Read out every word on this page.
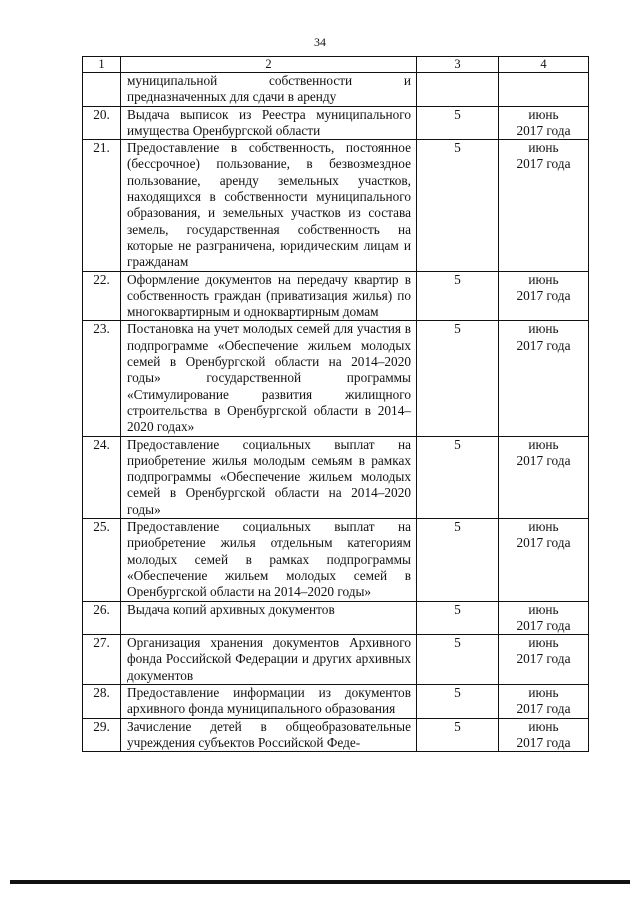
34
1	2	3	4
	муниципальной собственности и предназначенных для сдачи в аренду		
20.	Выдача выписок из Реестра муниципального имущества Оренбургской области	5	июнь
2017 года

21.	Предоставление в собственность, постоянное (бессрочное) пользование, в безвозмездное пользование, аренду земельных участков, находящихся в собственности муниципального образования, и земельных участков из состава земель, государственная собственность на которые не разграничена, юридическим лицам и гражданам	5	июнь
2017 года

22.	Оформление документов на передачу квартир в собственность граждан (приватизация жилья) по многоквартирным и одноквартирным домам	5	июнь
2017 года

23.	Постановка на учет молодых семей для участия в подпрограмме «Обеспечение жильем молодых семей в Оренбургской области на 2014–2020 годы» государственной программы «Стимулирование развития жилищного строительства в Оренбургской области в 2014–2020 годах»	5	июнь
2017 года

24.	Предоставление социальных выплат на приобретение жилья молодым семьям в рамках подпрограммы «Обеспечение жильем молодых семей в Оренбургской области на 2014–2020 годы»	5	июнь
2017 года

25.	Предоставление социальных выплат на приобретение жилья отдельным категориям молодых семей в рамках подпрограммы «Обеспечение жильем молодых семей в Оренбургской области на 2014–2020 годы»	5	июнь
2017 года

26.	Выдача копий архивных документов	5	июнь
2017 года

27.	Организация хранения документов Архивного фонда Российской Федерации и других архивных документов	5	июнь
2017 года

28.	Предоставление информации из документов архивного фонда муниципального образования	5	июнь
2017 года

29.	Зачисление детей в общеобразовательные учреждения субъектов Российской Феде-	5	июнь
2017 года
